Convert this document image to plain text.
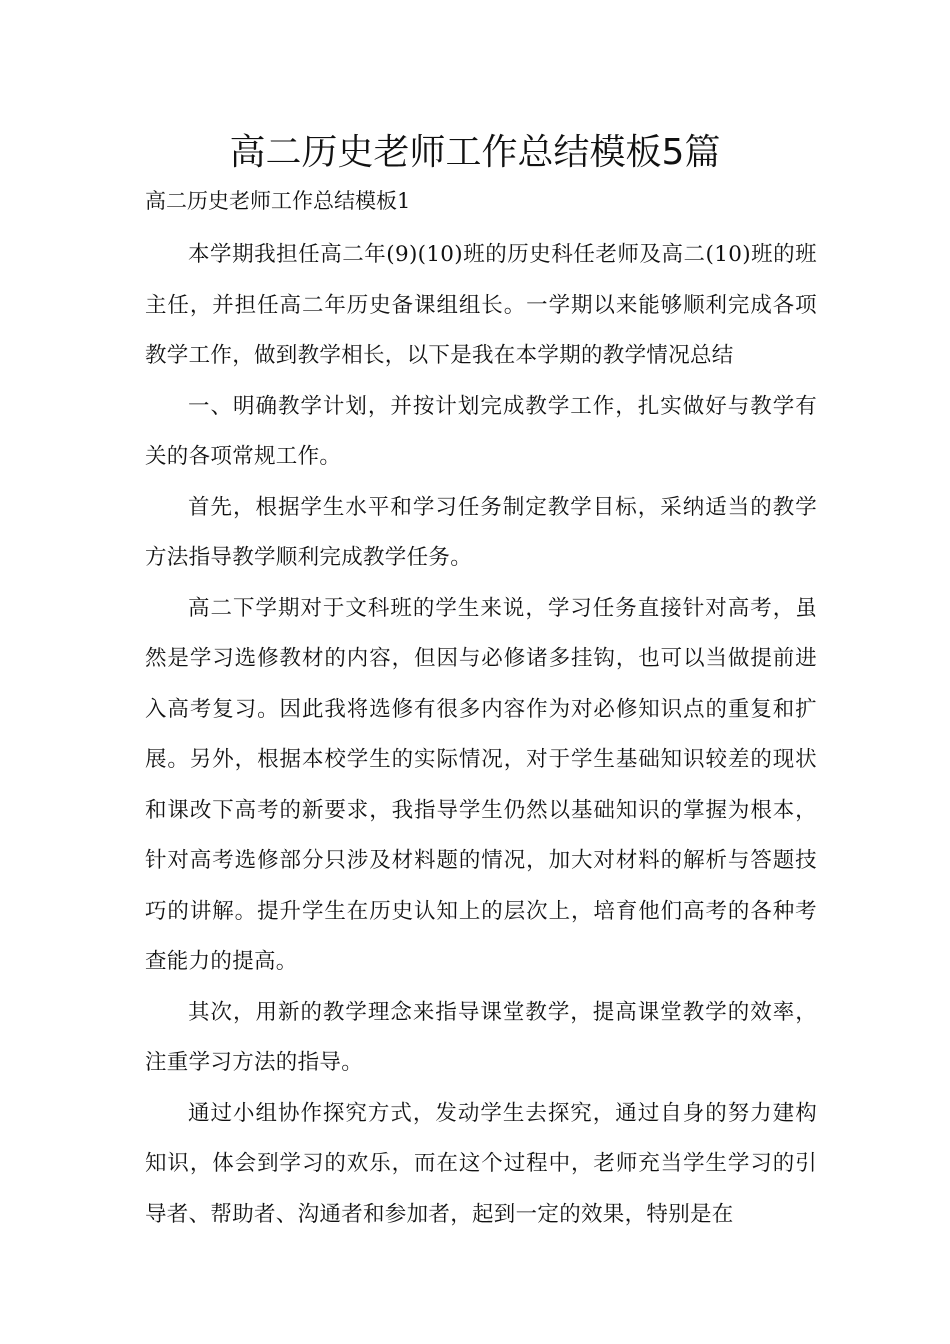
高二历史老师工作总结模板5篇

高二历史老师工作总结模板1

本学期我担任高二年(9)(10)班的历史科任老师及高二(10)班的班主任，并担任高二年历史备课组组长。一学期以来能够顺利完成各项教学工作，做到教学相长，以下是我在本学期的教学情况总结

一、明确教学计划，并按计划完成教学工作，扎实做好与教学有关的各项常规工作。

首先，根据学生水平和学习任务制定教学目标，采纳适当的教学方法指导教学顺利完成教学任务。

高二下学期对于文科班的学生来说，学习任务直接针对高考，虽然是学习选修教材的内容，但因与必修诸多挂钩，也可以当做提前进入高考复习。因此我将选修有很多内容作为对必修知识点的重复和扩展。另外，根据本校学生的实际情况，对于学生基础知识较差的现状和课改下高考的新要求，我指导学生仍然以基础知识的掌握为根本，针对高考选修部分只涉及材料题的情况，加大对材料的解析与答题技巧的讲解。提升学生在历史认知上的层次上，培育他们高考的各种考查能力的提高。

其次，用新的教学理念来指导课堂教学，提高课堂教学的效率，注重学习方法的指导。

通过小组协作探究方式，发动学生去探究，通过自身的努力建构知识，体会到学习的欢乐，而在这个过程中，老师充当学生学习的引导者、帮助者、沟通者和参加者，起到一定的效果，特别是在
